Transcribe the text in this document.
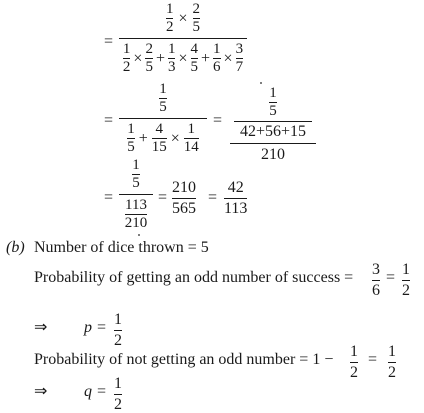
=
1
2
×
2
5
1
2
×
2
5
+
1
3
×
4
5
+
1
6
×
3
7
=
1
5
1
5
+
4
15
×
1
14
=
1
5
42+56+15
210
=
1
5
113
210
=
210
565
=
42
113
(b) Number of dice thrown = 5
Probability of getting an odd number of success = 3
6
= 1
2
⇒ p = 1
2
Probability of not getting an odd number = 1 − 1
2
= 1
2
⇒ q = 1
2
